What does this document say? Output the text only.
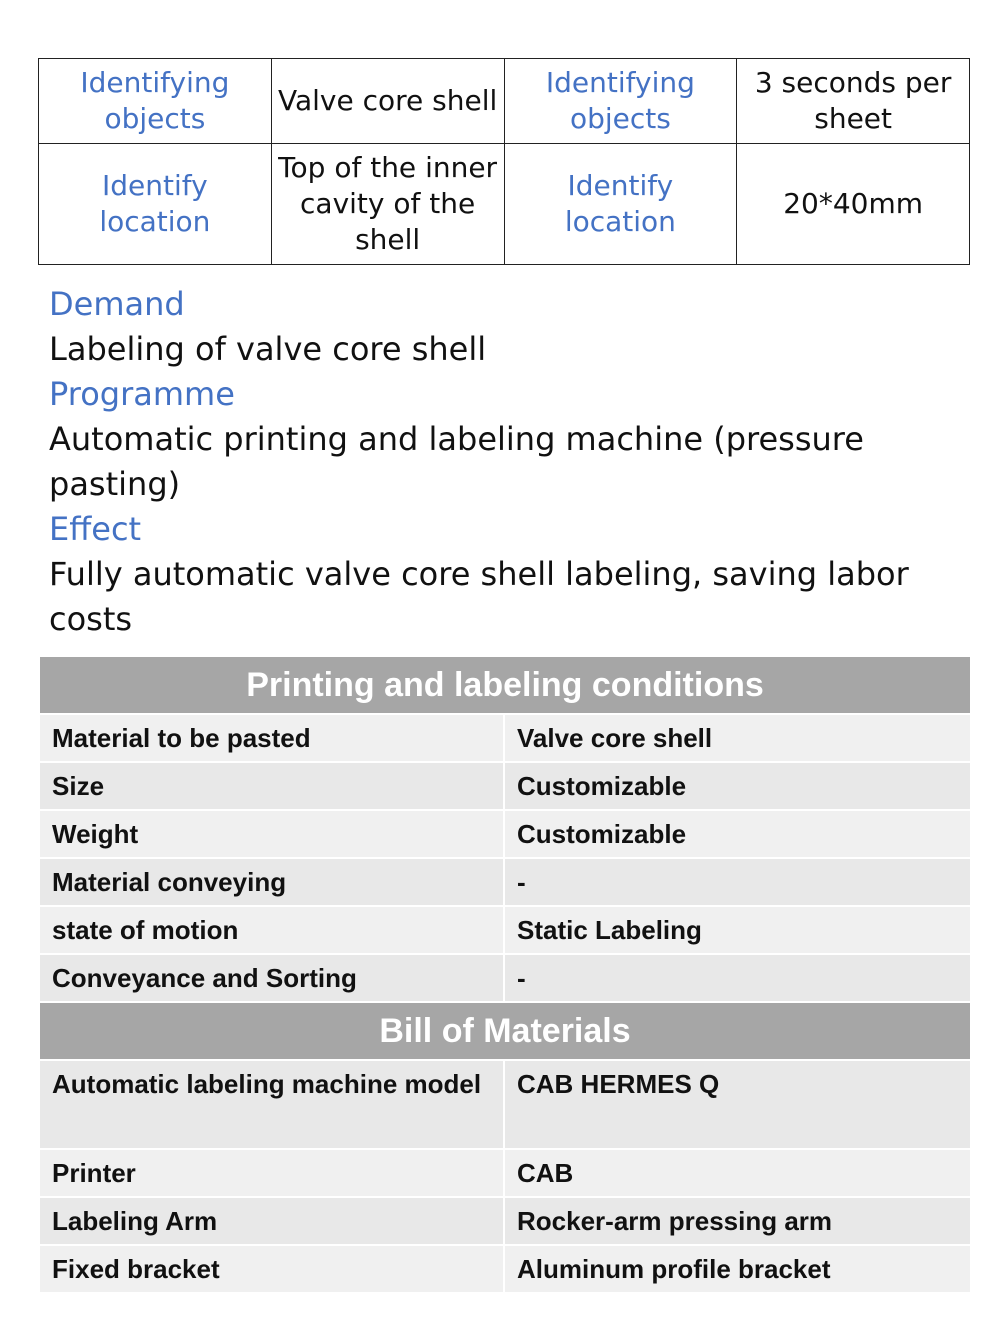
Identifying objects	Valve core shell	Identifying objects	3 seconds per sheet
Identify location	Top of the inner cavity of the shell	Identify location	20*40mm

Demand

Labeling of valve core shell

Programme

Automatic printing and labeling machine (pressure pasting)

Effect

Fully automatic valve core shell labeling, saving labor costs

Printing and labeling conditions	
Material to be pasted	Valve core shell
Size	Customizable
Weight	Customizable
Material conveying	-
state of motion	Static Labeling
Conveyance and Sorting	-
Bill of Materials	
Automatic labeling machine model	CAB HERMES Q
Printer	CAB
Labeling Arm	Rocker-arm pressing arm
Fixed bracket	Aluminum profile bracket
